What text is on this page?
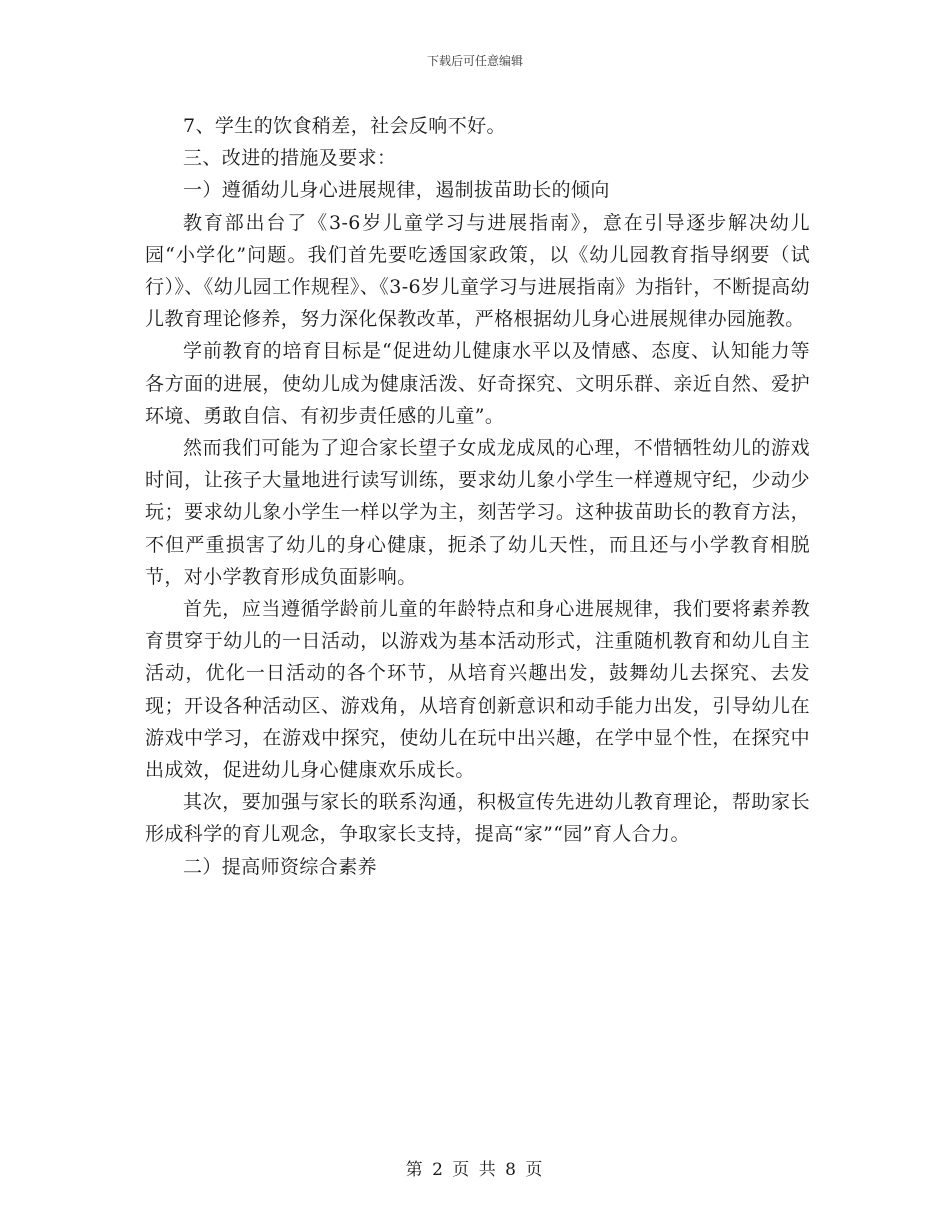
下载后可任意编辑

7、学生的饮食稍差，社会反响不好。

三、改进的措施及要求：

一）遵循幼儿身心进展规律，遏制拔苗助长的倾向

教育部出台了《3-6岁儿童学习与进展指南》，意在引导逐步解决幼儿园“小学化”问题。我们首先要吃透国家政策，以《幼儿园教育指导纲要（试行）》、《幼儿园工作规程》、《3-6岁儿童学习与进展指南》为指针，不断提高幼儿教育理论修养，努力深化保教改革，严格根据幼儿身心进展规律办园施教。

学前教育的培育目标是“促进幼儿健康水平以及情感、态度、认知能力等各方面的进展，使幼儿成为健康活泼、好奇探究、文明乐群、亲近自然、爱护环境、勇敢自信、有初步责任感的儿童”。

然而我们可能为了迎合家长望子女成龙成凤的心理，不惜牺牲幼儿的游戏时间，让孩子大量地进行读写训练，要求幼儿象小学生一样遵规守纪，少动少玩；要求幼儿象小学生一样以学为主，刻苦学习。这种拔苗助长的教育方法，不但严重损害了幼儿的身心健康，扼杀了幼儿天性，而且还与小学教育相脱节，对小学教育形成负面影响。

首先，应当遵循学龄前儿童的年龄特点和身心进展规律，我们要将素养教育贯穿于幼儿的一日活动，以游戏为基本活动形式，注重随机教育和幼儿自主活动，优化一日活动的各个环节，从培育兴趣出发，鼓舞幼儿去探究、去发现；开设各种活动区、游戏角，从培育创新意识和动手能力出发，引导幼儿在游戏中学习，在游戏中探究，使幼儿在玩中出兴趣，在学中显个性，在探究中出成效，促进幼儿身心健康欢乐成长。

其次，要加强与家长的联系沟通，积极宣传先进幼儿教育理论，帮助家长形成科学的育儿观念，争取家长支持，提高“家”“园”育人合力。

二）提高师资综合素养

第 2 页 共 8 页
